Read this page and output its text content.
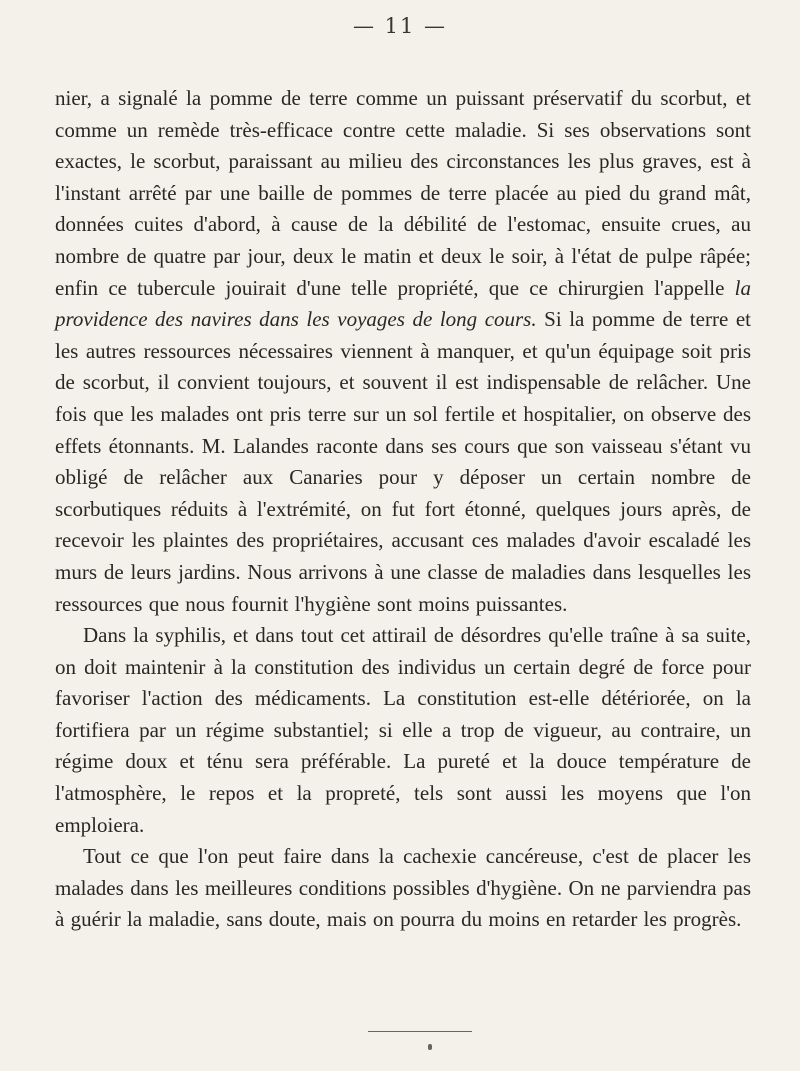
— 11 —

nier, a signalé la pomme de terre comme un puissant préservatif du scorbut, et comme un remède très-efficace contre cette maladie. Si ses observations sont exactes, le scorbut, paraissant au milieu des circonstances les plus graves, est à l'instant arrêté par une baille de pommes de terre placée au pied du grand mât, données cuites d'abord, à cause de la débilité de l'estomac, ensuite crues, au nombre de quatre par jour, deux le matin et deux le soir, à l'état de pulpe râpée; enfin ce tubercule jouirait d'une telle propriété, que ce chirurgien l'appelle la providence des navires dans les voyages de long cours. Si la pomme de terre et les autres ressources nécessaires viennent à manquer, et qu'un équipage soit pris de scorbut, il convient toujours, et souvent il est indispensable de relâcher. Une fois que les malades ont pris terre sur un sol fertile et hospitalier, on observe des effets étonnants. M. Lalandes raconte dans ses cours que son vaisseau s'étant vu obligé de relâcher aux Canaries pour y déposer un certain nombre de scorbutiques réduits à l'extrémité, on fut fort étonné, quelques jours après, de recevoir les plaintes des propriétaires, accusant ces malades d'avoir escaladé les murs de leurs jardins. Nous arrivons à une classe de maladies dans lesquelles les ressources que nous fournit l'hygiène sont moins puissantes.

Dans la syphilis, et dans tout cet attirail de désordres qu'elle traîne à sa suite, on doit maintenir à la constitution des individus un certain degré de force pour favoriser l'action des médicaments. La constitution est-elle détériorée, on la fortifiera par un régime substantiel; si elle a trop de vigueur, au contraire, un régime doux et ténu sera préférable. La pureté et la douce température de l'atmosphère, le repos et la propreté, tels sont aussi les moyens que l'on emploiera.

Tout ce que l'on peut faire dans la cachexie cancéreuse, c'est de placer les malades dans les meilleures conditions possibles d'hygiène. On ne parviendra pas à guérir la maladie, sans doute, mais on pourra du moins en retarder les progrès.
